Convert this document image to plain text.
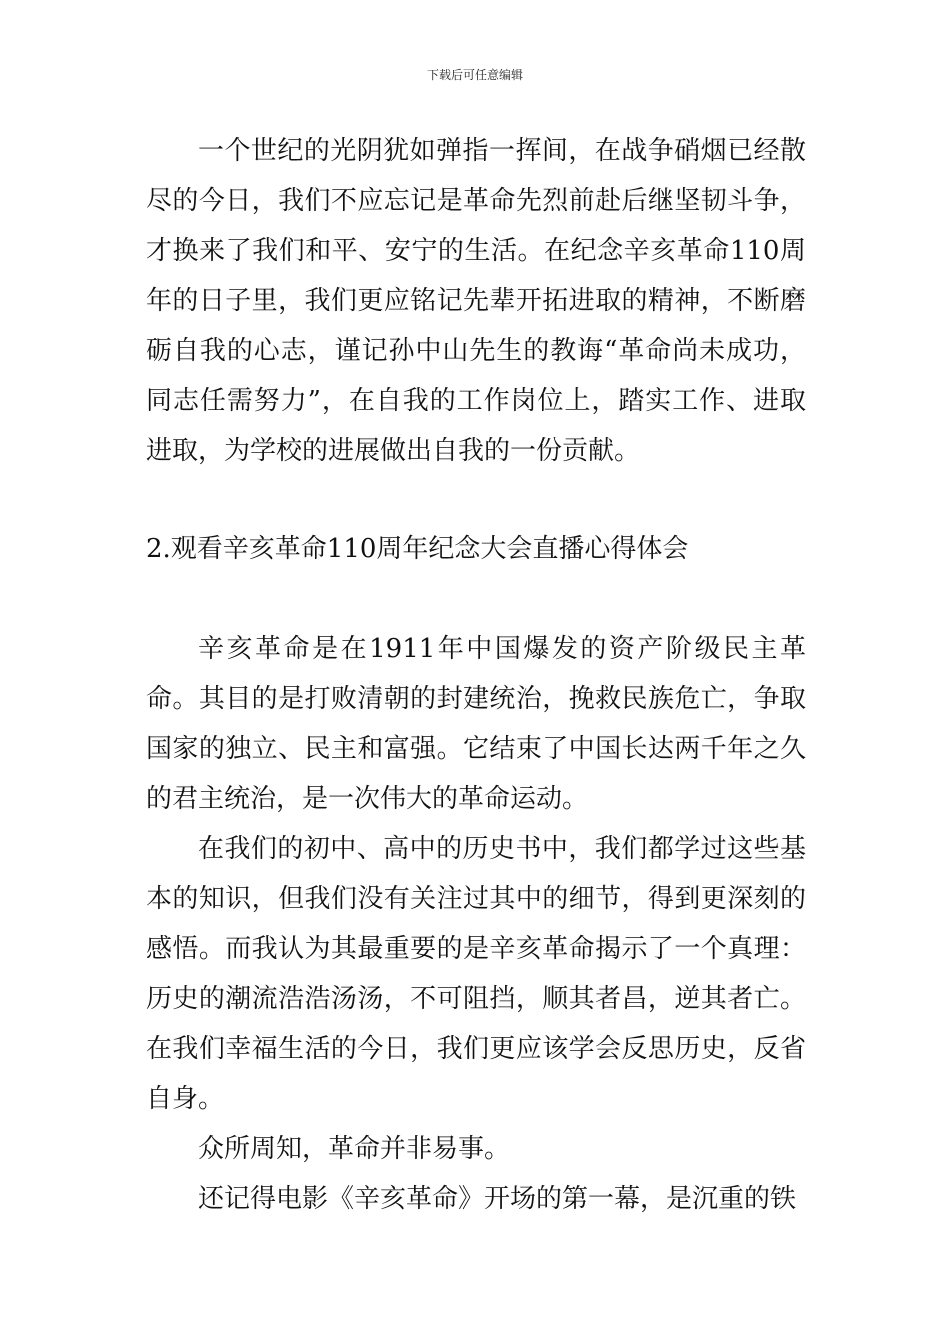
下载后可任意编辑

一个世纪的光阴犹如弹指一挥间，在战争硝烟已经散尽的今日，我们不应忘记是革命先烈前赴后继坚韧斗争，才换来了我们和平、安宁的生活。在纪念辛亥革命110周年的日子里，我们更应铭记先辈开拓进取的精神，不断磨砺自我的心志，谨记孙中山先生的教诲“革命尚未成功，同志任需努力”，在自我的工作岗位上，踏实工作、进取进取，为学校的进展做出自我的一份贡献。

2.观看辛亥革命110周年纪念大会直播心得体会

辛亥革命是在1911年中国爆发的资产阶级民主革命。其目的是打败清朝的封建统治，挽救民族危亡，争取国家的独立、民主和富强。它结束了中国长达两千年之久的君主统治，是一次伟大的革命运动。

在我们的初中、高中的历史书中，我们都学过这些基本的知识，但我们没有关注过其中的细节，得到更深刻的感悟。而我认为其最重要的是辛亥革命揭示了一个真理：历史的潮流浩浩汤汤，不可阻挡，顺其者昌，逆其者亡。在我们幸福生活的今日，我们更应该学会反思历史，反省自身。

众所周知，革命并非易事。

还记得电影《辛亥革命》开场的第一幕，是沉重的铁
